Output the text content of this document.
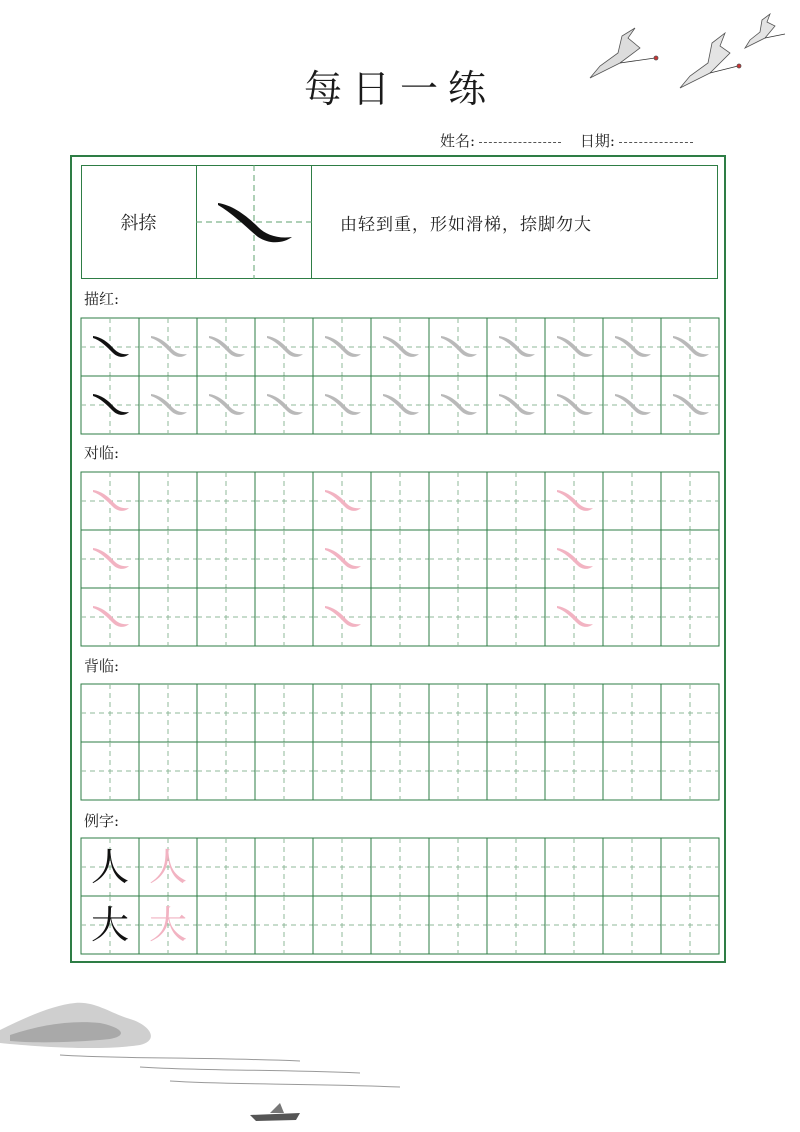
每日一练
姓名:	日期:
斜捺	由轻到重，形如滑梯，捺脚勿大
描红:
对临:
背临:
例字:
人 人
大 大
